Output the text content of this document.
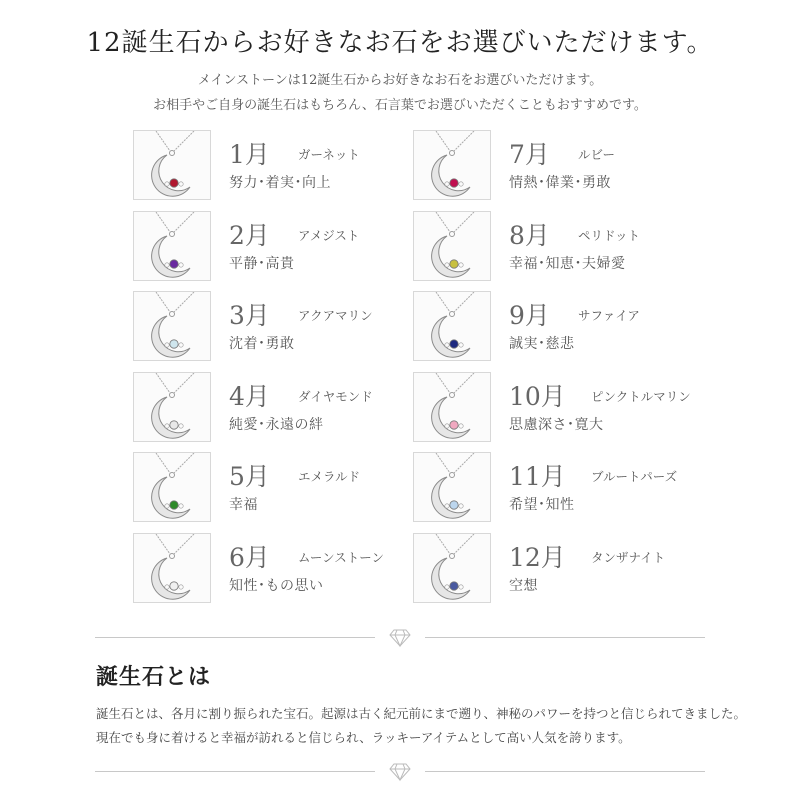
12誕生石からお好きなお石をお選びいただけます。
メインストーンは12誕生石からお好きなお石をお選びいただけます。
お相手やご自身の誕生石はもちろん、石言葉でお選びいただくこともおすすめです。
1月 ガーネット
努力･着実･向上
2月 アメジスト
平静･高貴
3月 アクアマリン
沈着･勇敢
4月 ダイヤモンド
純愛･永遠の絆
5月 エメラルド
幸福
6月 ムーンストーン
知性･もの思い
7月 ルビー
情熱･偉業･勇敢
8月 ペリドット
幸福･知恵･夫婦愛
9月 サファイア
誠実･慈悲
10月 ピンクトルマリン
思慮深さ･寛大
11月 ブルートパーズ
希望･知性
12月 タンザナイト
空想
誕生石とは
誕生石とは、各月に割り振られた宝石。起源は古く紀元前にまで遡り、神秘のパワーを持つと信じられてきました。
現在でも身に着けると幸福が訪れると信じられ、ラッキーアイテムとして高い人気を誇ります。
